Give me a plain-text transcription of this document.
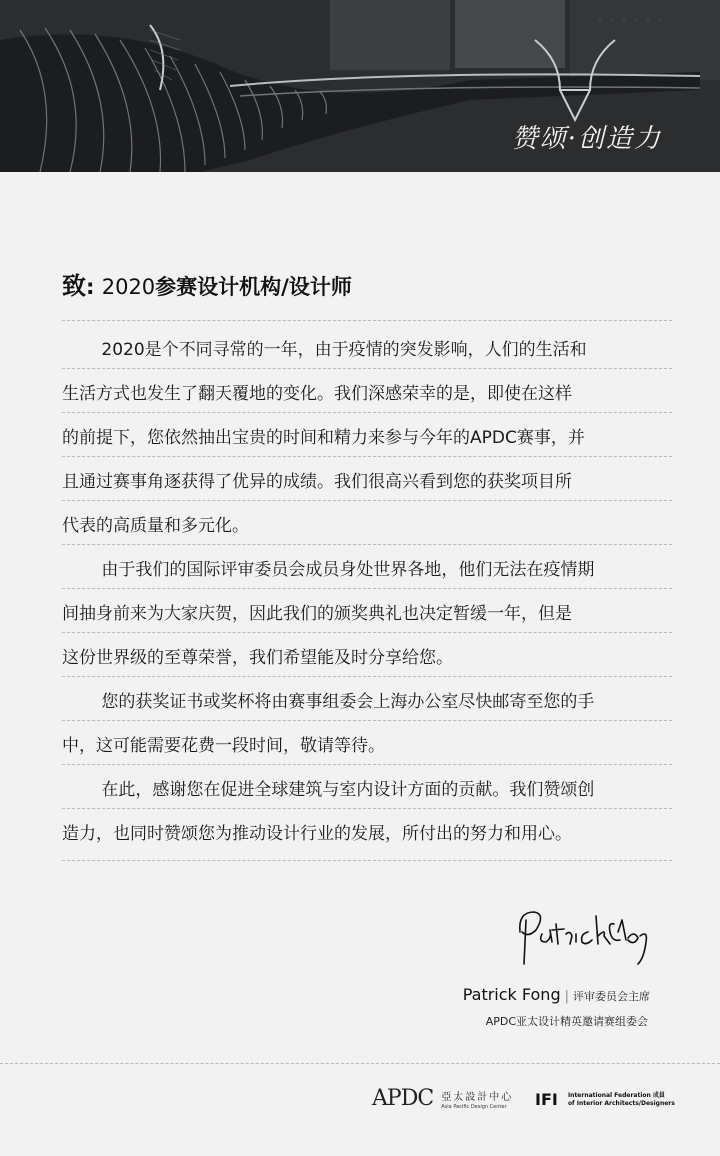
赞颂·创造力
致: 2020参赛设计机构/设计师
　　 2020是个不同寻常的一年，由于疫情的突发影响，人们的生活和
生活方式也发生了翻天覆地的变化。我们深感荣幸的是，即使在这样
的前提下，您依然抽出宝贵的时间和精力来参与今年的APDC赛事，并
且通过赛事角逐获得了优异的成绩。我们很高兴看到您的获奖项目所
代表的高质量和多元化。
　　 由于我们的国际评审委员会成员身处世界各地，他们无法在疫情期
间抽身前来为大家庆贺，因此我们的颁奖典礼也决定暂缓一年，但是
这份世界级的至尊荣誉，我们希望能及时分享给您。
　　 您的获奖证书或奖杯将由赛事组委会上海办公室尽快邮寄至您的手
中，这可能需要花费一段时间，敬请等待。
　　 在此，感谢您在促进全球建筑与室内设计方面的贡献。我们赞颂创
造力，也同时赞颂您为推动设计行业的发展，所付出的努力和用心。
Patrick Fong | 评审委员会主席
APDC亚太设计精英邀请赛组委会
APDC 亞太設計中心
Asia Pacific Design Center	IFI International Federation 成員
of Interior Architects/Designers
